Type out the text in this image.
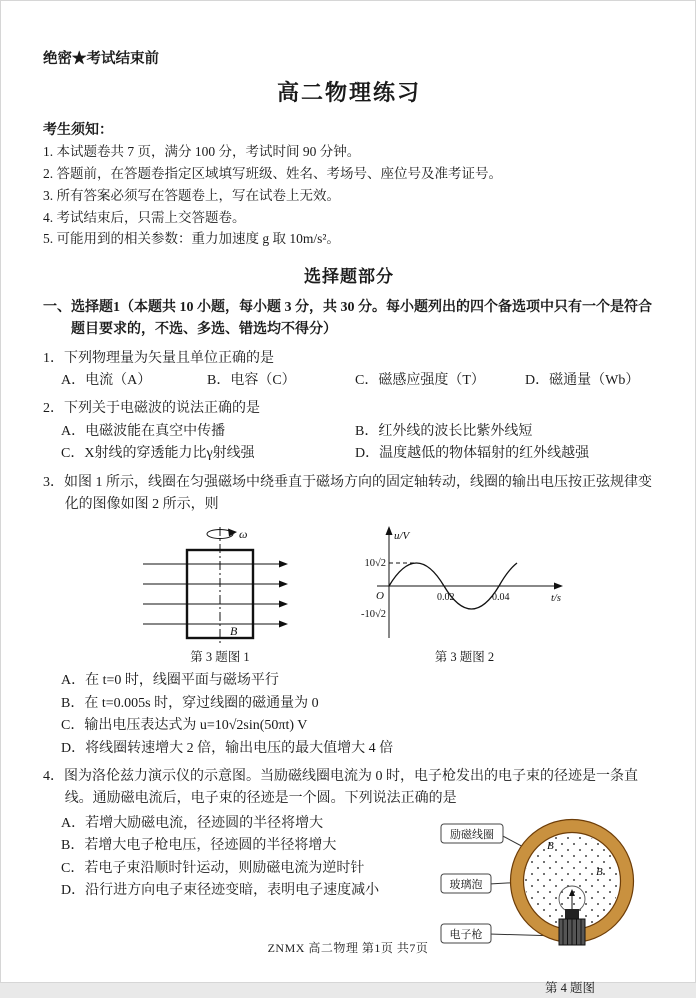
绝密★考试结束前
高二物理练习
考生须知：

1. 本试题卷共 7 页，满分 100 分，考试时间 90 分钟。

2. 答题前，在答题卷指定区域填写班级、姓名、考场号、座位号及准考证号。

3. 所有答案必须写在答题卷上，写在试卷上无效。

4. 考试结束后，只需上交答题卷。

5. 可能用到的相关参数：重力加速度 g 取 10m/s²。

选择题部分
一、选择题1（本题共 10 小题，每小题 3 分，共 30 分。每小题列出的四个备选项中只有一个是符合题目要求的，不选、多选、错选均不得分）
1．下列物理量为矢量且单位正确的是
A．电流（A）	B．电容（C）	C．磁感应强度（T）	D．磁通量（Wb）
2．下列关于电磁波的说法正确的是
A．电磁波能在真空中传播	B．红外线的波长比紫外线短
C．X射线的穿透能力比γ射线强	D．温度越低的物体辐射的红外线越强
3．如图 1 所示，线圈在匀强磁场中绕垂直于磁场方向的固定轴转动，线圈的输出电压按正弦规律变化的图像如图 2 所示，则
ω
B
第 3 题图 1
u/V
10√2
O
-10√2
0.02	0.04	t/s
第 3 题图 2

A．在 t=0 时，线圈平面与磁场平行

B．在 t=0.005s 时，穿过线圈的磁通量为 0

C．输出电压表达式为 u=10√2sin(50πt) V

D．将线圈转速增大 2 倍，输出电压的最大值增大 4 倍

4．图为洛伦兹力演示仪的示意图。当励磁线圈电流为 0 时，电子枪发出的电子束的径迹是一条直线。通励磁电流后，电子束的径迹是一个圆。下列说法正确的是

A．若增大励磁电流，径迹圆的半径将增大

B．若增大电子枪电压，径迹圆的半径将增大

C．若电子束沿顺时针运动，则励磁电流为逆时针

D．沿行进方向电子束径迹变暗，表明电子速度减小

B
B
励磁线圈
玻璃泡
电子枪
第 4 题图
ZNMX 高二物理 第1页 共7页
